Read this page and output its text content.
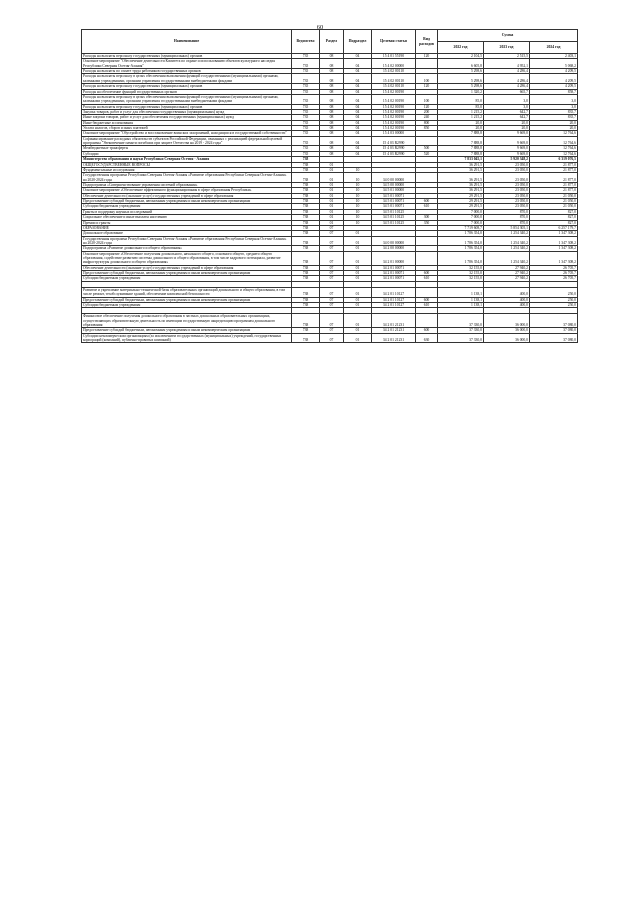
60
Наименование	Ведомство	Раздел	Подраздел	Целевая статья	Вид расходов	Сумма		
						2022 год	2023 год	2024 год
Расходы на выплаты персоналу государственных (муниципальных) органов	735	08	04	15 4 01 55190	120	2 104,5	2 515,5	2 403,1
Основное мероприятие "Обеспечение деятельности Комитета по охране и использованию объектов культурного наследия Республики Северная Осетия-Алания"	735	08	04	15 4 02 00000		6 605,8	4 952,1	5 068,2
Расходы на выплаты по оплате труда работников государственных органов	735	08	04	15 4 02 00110		5 298,6	4 286,4	4 209,5
Расходы на выплаты персоналу в целях обеспечения выполнения функций государственными (муниципальными) органами, казенными учреждениями, органами управления государственными внебюджетными фондами	735	08	04	15 4 02 00110	100	5 298,6	4 286,4	4 209,5
Расходы на выплаты персоналу государственных (муниципальных) органов	735	08	04	15 4 02 00110	120	5 298,6	4 286,4	4 209,5
Расходы на обеспечение функций государственных органов	735	08	04	15 4 02 00190		1 320,2	665,7	858,7
Расходы на выплаты персоналу в целях обеспечения выполнения функций государственными (муниципальными) органами, казенными учреждениями, органами управления государственными внебюджетными фондами	735	08	04	15 4 02 00190	100	85,0	3,0	3,0
Расходы на выплаты персоналу государственных (муниципальных) органов	735	08	04	15 4 02 00190	120	85,0	3,0	3,0
Закупка товаров, работ и услуг для обеспечения государственных (муниципальных) нужд	735	08	04	15 4 02 00190	200	1 215,2	642,7	835,7
Иные закупки товаров, работ и услуг для обеспечения государственных (муниципальных) нужд	735	08	04	15 4 02 00190	240	1 215,2	642,7	835,7
Иные бюджетные ассигнования	735	08	04	15 4 02 00190	800	20,0	20,0	20,0
Уплата налогов, сборов и иных платежей	735	08	04	15 4 02 00190	850	20,0	20,0	20,0
Основное мероприятие "Обустройство и восстановление воинских захоронений, находящихся в государственной собственности"	735	08	04	15 4 03 00000		7 888,8	9 669,0	12 764,6
Софинансирование расходных обязательств субъектов Российской Федерации, связанных с реализацией федеральной целевой программы "Увековечение памяти погибших при защите Отечества на 2019 - 2024 годы"	735	08	04	15 4 03 R2990		7 888,8	9 669,0	12 764,6
Межбюджетные трансферты	735	08	04	15 4 03 R2990	500	7 888,8	9 669,0	12 764,6
Субсидии	735	08	04	15 4 03 R2990	520	7 888,8	9 669,0	12 764,6
Министерство образования и науки Республики Северная Осетия - Алания	738					7 833 045,1	5 920 348,2	6 319 076,5
ОБЩЕГОСУДАРСТВЕННЫЕ ВОПРОСЫ	738	01				36 291,5	23 050,0	21 877,0
Фундаментальные исследования	738	01	10			36 291,5	23 050,0	21 877,0
Государственная программа Республики Северная Осетия-Алания «Развитие образования Республики Северная Осетия-Алания» на 2020-2024 годы	738	01	10	34 0 00 00000		36 291,5	23 050,0	21 877,0
Подпрограмма «Совершенствование управления системой образования»	738	01	10	34 5 00 00000		36 291,5	23 050,0	21 877,0
Основное мероприятие «Обеспечение эффективного функционирования в сфере образования Республики»	738	01	10	34 5 01 00000		36 291,5	23 050,0	21 877,0
Обеспечение деятельности (оказание услуг) государственных учреждений в сфере образования	738	01	10	34 5 01 00071		29 291,5	23 050,0	21 050,0
Предоставление субсидий бюджетным, автономным учреждениям и иным некоммерческим организациям	738	01	10	34 5 01 00071	600	29 291,5	23 050,0	21 050,0
Субсидии бюджетным учреждениям	738	01	10	34 5 01 00071	610	29 291,5	23 050,0	21 050,0
Гранты в поддержку научных исследований	738	01	10	34 5 01 10125		7 000,0	870,0	827,0
Социальное обеспечение и иные выплаты населению	738	01	10	34 5 01 10125	300	7 000,0	870,0	827,0
Премии и гранты	738	01	10	34 5 01 10125	350	7 000,0	870,0	827,0
ОБРАЗОВАНИЕ	738	07				7 719 608,7	5 854 305,1	6 257 179,7
Дошкольное образование	738	07	01			1 786 354,0	1 254 340,2	1 347 308,2
Государственная программа Республики Северная Осетия-Алания «Развитие образования Республики Северная Осетия-Алания» на 2020-2024 годы	738	07	01	34 0 00 00000		1 786 354,0	1 254 340,2	1 347 308,2
Подпрограмма «Развитие дошкольного и общего образования»	738	07	01	34 2 00 00000		1 786 354,0	1 254 340,2	1 347 308,2
Основное мероприятие «Обеспечение получения дошкольного, начального общего, основного общего, среднего общего образования, содействие развитию системы дошкольного и общего образования, в том числе кадрового потенциала, развитие инфраструктуры дошкольного и общего образования»	738	07	01	34 2 01 00000		1 786 354,0	1 254 340,2	1 347 308,2
Обеспечение деятельности (оказание услуг) государственных учреждений в сфере образования	738	07	01	34 2 01 00071		32 155,0	27 940,2	26 705,7
Предоставление субсидий бюджетным, автономным учреждениям и иным некоммерческим организациям	738	07	01	34 2 01 00071	600	32 155,0	27 940,2	26 705,7
Субсидии бюджетным учреждениям	738	07	01	34 2 01 00071	610	32 155,0	27 940,2	26 705,7

Развитие и укрепление материально-технической базы образовательных организаций дошкольного и общего образования, в том числе ремонт, техобслуживание зданий, обеспечение комплексной безопасности	738	07	01	34 2 01 10127		1 138,1	400,0	250,0
Предоставление субсидий бюджетным, автономным учреждениям и иным некоммерческим организациям	738	07	01	34 2 01 10127	600	1 138,1	400,0	250,0
Субсидии бюджетным учреждениям	738	07	01	34 2 01 10127	610	1 138,1	400,0	250,0

Финансовое обеспечение получения дошкольного образования в частных дошкольных образовательных организациях, осуществляющих образовательную деятельность по имеющим государственную аккредитацию программам дошкольного образования	738	07	01	34 2 01 21231		37 330,0	36 000,0	37 080,0
Предоставление субсидий бюджетным, автономным учреждениям и иным некоммерческим организациям	738	07	01	34 2 01 21231	600	37 330,0	36 000,0	37 080,0
Субсидии некоммерческим организациям (за исключением государственных (муниципальных) учреждений, государственных корпораций (компаний), публично-правовых компаний)	738	07	01	34 2 01 21231	630	37 330,0	36 000,0	37 080,0
